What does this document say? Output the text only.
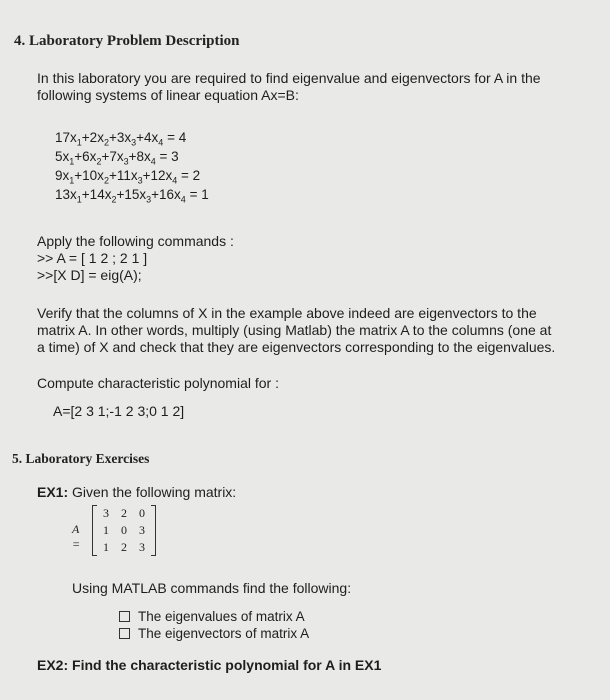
4. Laboratory Problem Description
In this laboratory you are required to find eigenvalue and eigenvectors for A in the
following systems of linear equation Ax=B:
$17x_1+2x_2+3x_3+4x_4 = 4$
$5x_1+6x_2+7x_3+8x_4 = 3$
$9x_1+10x_2+11x_3+12x_4 = 2$
$13x_1+14x_2+15x_3+16x_4 = 1$
Apply the following commands :
>> A = [ 1 2 ; 2 1 ]
>>[X D] = eig(A);
Verify that the columns of X in the example above indeed are eigenvectors to the
matrix A. In other words, multiply (using Matlab) the matrix A to the columns (one at
a time) of X and check that they are eigenvectors corresponding to the eigenvalues.
Compute characteristic polynomial for :
A=[2 3 1;-1 2 3;0 1 2]
5. Laboratory Exercises
EX1: Given the following matrix:
A =
3	2	0
1	0	3
1	2	3
Using MATLAB commands find the following:
The eigenvalues of matrix A
The eigenvectors of matrix A
EX2: Find the characteristic polynomial for A in EX1
